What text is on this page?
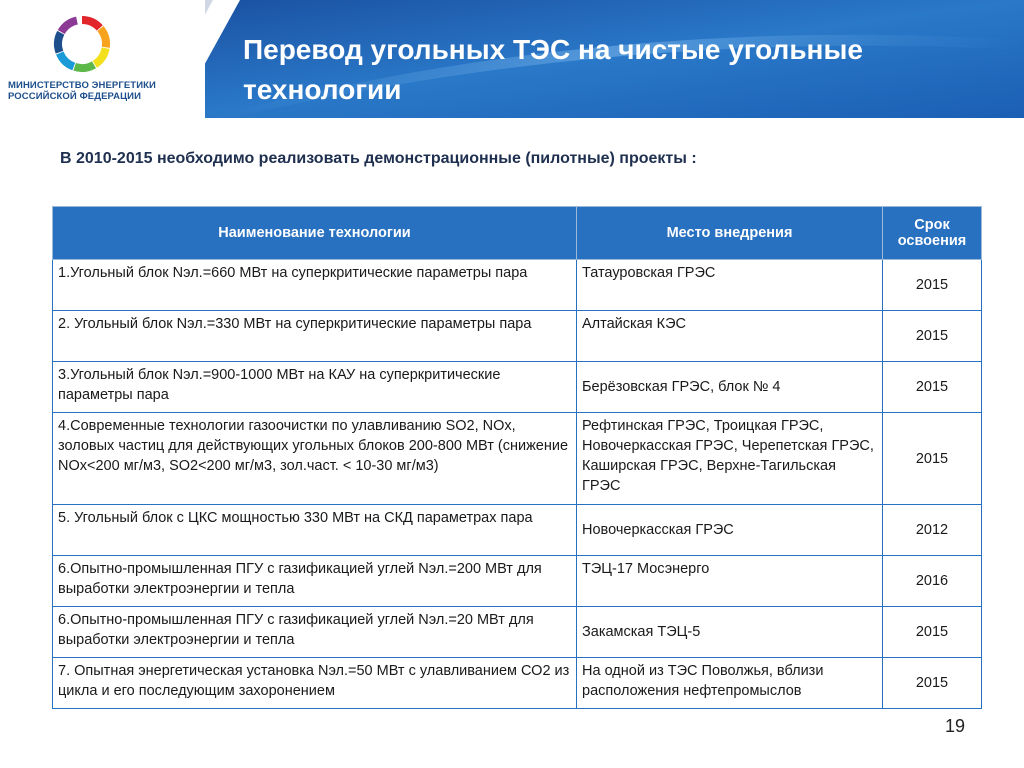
МИНИСТЕРСТВО ЭНЕРГЕТИКИ РОССИЙСКОЙ ФЕДЕРАЦИИ
Перевод угольных ТЭС на чистые угольные технологии
В 2010-2015 необходимо реализовать демонстрационные (пилотные) проекты :
Наименование технологии	Место внедрения	Срок освоения
1.Угольный блок Nэл.=660 МВт на суперкритические параметры пара	Татауровская ГРЭС	2015
2. Угольный блок Nэл.=330 МВт на суперкритические параметры пара	Алтайская КЭС	2015
3.Угольный блок Nэл.=900-1000 МВт на КАУ на суперкритические параметры пара	Берёзовская ГРЭС, блок № 4	2015
4.Современные технологии газоочистки по улавливанию SO2, NOx, золовых частиц для действующих угольных блоков 200-800 МВт (снижение NOx<200 мг/м3, SO2<200 мг/м3, зол.част. < 10-30 мг/м3)	Рефтинская ГРЭС, Троицкая ГРЭС, Новочеркасская ГРЭС, Черепетская ГРЭС, Каширская ГРЭС, Верхне-Тагильская ГРЭС	2015
5. Угольный блок с ЦКС мощностью 330 МВт на СКД параметрах пара	Новочеркасская ГРЭС	2012
6.Опытно-промышленная ПГУ с газификацией углей Nэл.=200 МВт для выработки электроэнергии и тепла	ТЭЦ-17 Мосэнерго	2016
6.Опытно-промышленная ПГУ с газификацией углей Nэл.=20 МВт для выработки электроэнергии и тепла	Закамская ТЭЦ-5	2015
7. Опытная энергетическая установка Nэл.=50 МВт с улавливанием СО2 из цикла и его последующим захоронением	На одной из ТЭС Поволжья, вблизи расположения нефтепромыслов	2015
19
